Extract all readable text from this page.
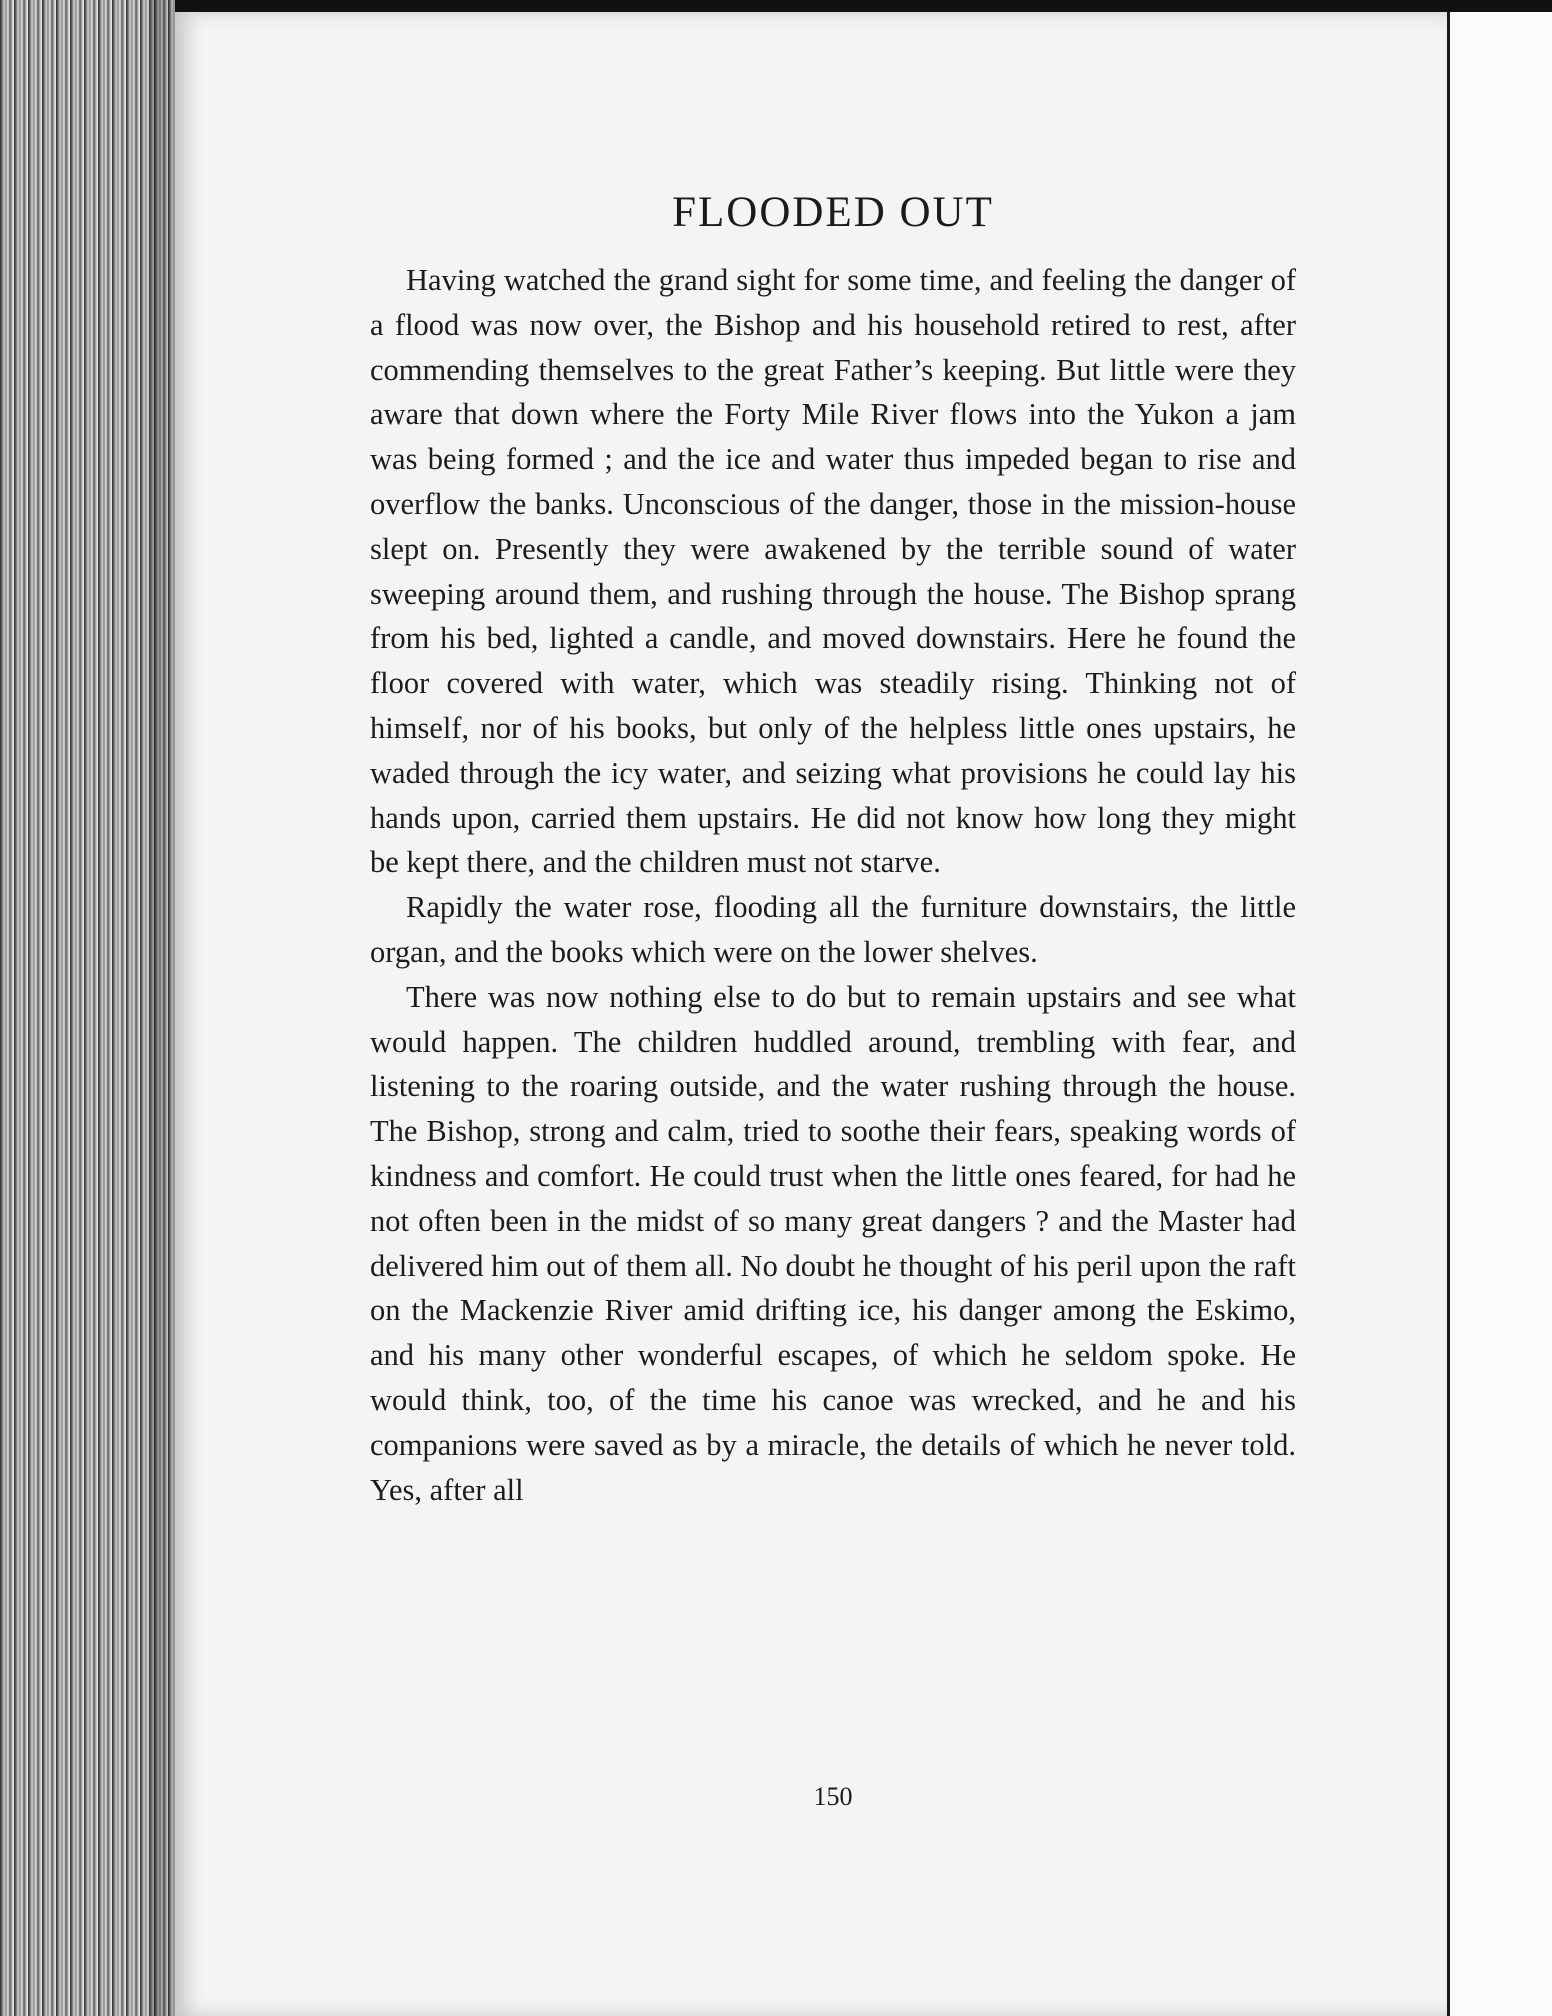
FLOODED OUT

Having watched the grand sight for some time, and feeling the danger of a flood was now over, the Bishop and his household retired to rest, after commending themselves to the great Father’s keeping. But little were they aware that down where the Forty Mile River flows into the Yukon a jam was being formed ; and the ice and water thus impeded began to rise and overflow the banks. Unconscious of the danger, those in the mission-house slept on. Presently they were awakened by the terrible sound of water sweeping around them, and rushing through the house. The Bishop sprang from his bed, lighted a candle, and moved downstairs. Here he found the floor covered with water, which was steadily rising. Thinking not of himself, nor of his books, but only of the helpless little ones upstairs, he waded through the icy water, and seizing what provisions he could lay his hands upon, carried them upstairs. He did not know how long they might be kept there, and the children must not starve.

Rapidly the water rose, flooding all the furniture downstairs, the little organ, and the books which were on the lower shelves.

There was now nothing else to do but to remain upstairs and see what would happen. The children huddled around, trembling with fear, and listening to the roaring outside, and the water rushing through the house. The Bishop, strong and calm, tried to soothe their fears, speaking words of kindness and comfort. He could trust when the little ones feared, for had he not often been in the midst of so many great dangers ? and the Master had delivered him out of them all. No doubt he thought of his peril upon the raft on the Mackenzie River amid drifting ice, his danger among the Eskimo, and his many other wonderful escapes, of which he seldom spoke. He would think, too, of the time his canoe was wrecked, and he and his companions were saved as by a miracle, the details of which he never told. Yes, after all

150
